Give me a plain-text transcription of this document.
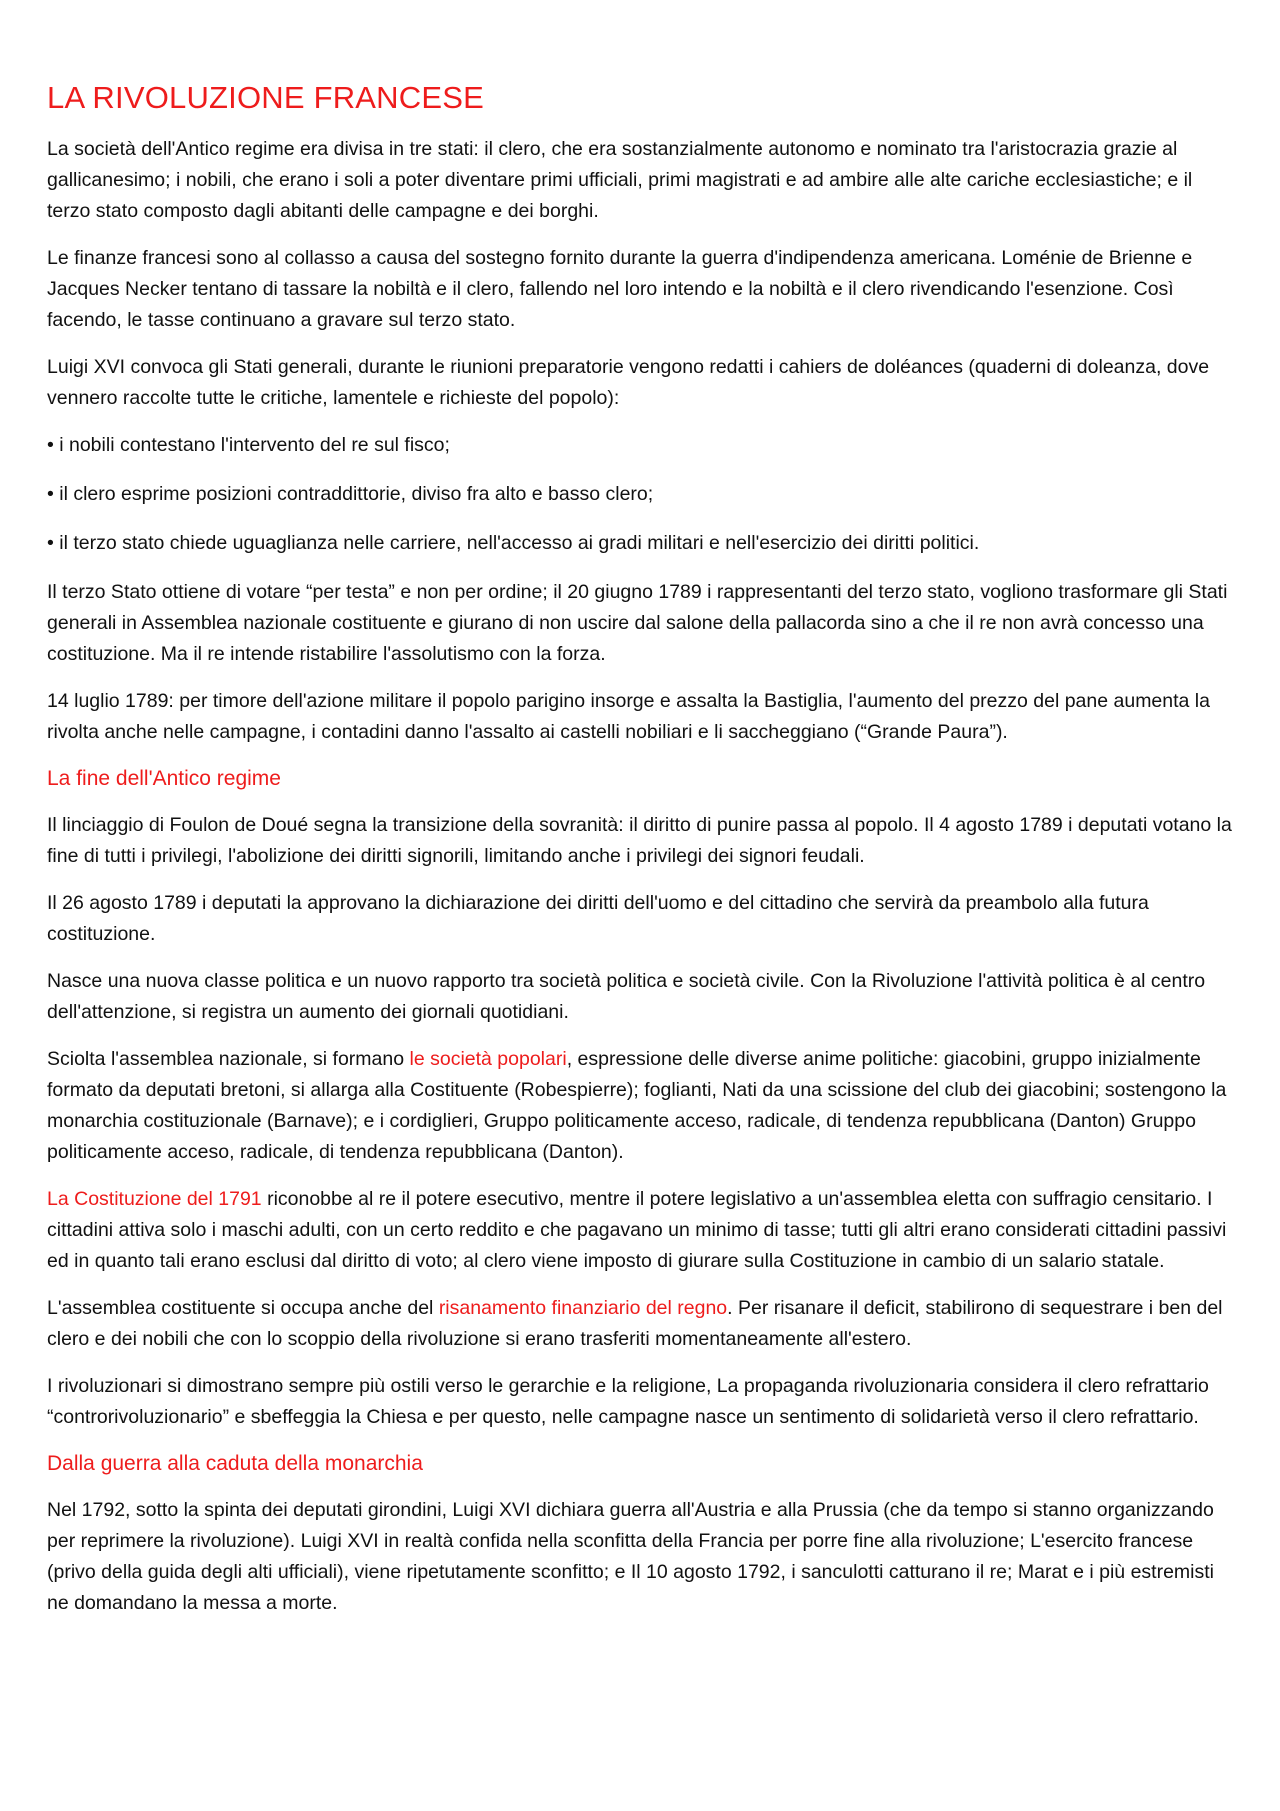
LA RIVOLUZIONE FRANCESE

La società dell'Antico regime era divisa in tre stati: il clero, che era sostanzialmente autonomo e nominato tra l'aristocrazia grazie al gallicanesimo; i nobili, che erano i soli a poter diventare primi ufficiali, primi magistrati e ad ambire alle alte cariche ecclesiastiche; e il terzo stato composto dagli abitanti delle campagne e dei borghi.

Le finanze francesi sono al collasso a causa del sostegno fornito durante la guerra d'indipendenza americana. Loménie de Brienne e Jacques Necker tentano di tassare la nobiltà e il clero, fallendo nel loro intendo e la nobiltà e il clero rivendicando l'esenzione. Così facendo, le tasse continuano a gravare sul terzo stato.

Luigi XVI convoca gli Stati generali, durante le riunioni preparatorie vengono redatti i cahiers de doléances (quaderni di doleanza, dove vennero raccolte tutte le critiche, lamentele e richieste del popolo):

• i nobili contestano l'intervento del re sul fisco;

• il clero esprime posizioni contraddittorie, diviso fra alto e basso clero;

• il terzo stato chiede uguaglianza nelle carriere, nell'accesso ai gradi militari e nell'esercizio dei diritti politici.

Il terzo Stato ottiene di votare “per testa” e non per ordine; il 20 giugno 1789 i rappresentanti del terzo stato, vogliono trasformare gli Stati generali in Assemblea nazionale costituente e giurano di non uscire dal salone della pallacorda sino a che il re non avrà concesso una costituzione. Ma il re intende ristabilire l'assolutismo con la forza.

14 luglio 1789: per timore dell'azione militare il popolo parigino insorge e assalta la Bastiglia, l'aumento del prezzo del pane aumenta la rivolta anche nelle campagne, i contadini danno l'assalto ai castelli nobiliari e li saccheggiano (“Grande Paura”).

La fine dell'Antico regime

Il linciaggio di Foulon de Doué segna la transizione della sovranità: il diritto di punire passa al popolo. Il 4 agosto 1789 i deputati votano la fine di tutti i privilegi, l'abolizione dei diritti signorili, limitando anche i privilegi dei signori feudali.

Il 26 agosto 1789 i deputati la approvano la dichiarazione dei diritti dell'uomo e del cittadino che servirà da preambolo alla futura costituzione.

Nasce una nuova classe politica e un nuovo rapporto tra società politica e società civile. Con la Rivoluzione l'attività politica è al centro dell'attenzione, si registra un aumento dei giornali quotidiani.

Sciolta l'assemblea nazionale, si formano le società popolari, espressione delle diverse anime politiche: giacobini, gruppo inizialmente formato da deputati bretoni, si allarga alla Costituente (Robespierre); foglianti, Nati da una scissione del club dei giacobini; sostengono la monarchia costituzionale (Barnave); e i cordiglieri, Gruppo politicamente acceso, radicale, di tendenza repubblicana (Danton) Gruppo politicamente acceso, radicale, di tendenza repubblicana (Danton).

La Costituzione del 1791 riconobbe al re il potere esecutivo, mentre il potere legislativo a un'assemblea eletta con suffragio censitario. I cittadini attiva solo i maschi adulti, con un certo reddito e che pagavano un minimo di tasse; tutti gli altri erano considerati cittadini passivi ed in quanto tali erano esclusi dal diritto di voto; al clero viene imposto di giurare sulla Costituzione in cambio di un salario statale.

L'assemblea costituente si occupa anche del risanamento finanziario del regno. Per risanare il deficit, stabilirono di sequestrare i ben del clero e dei nobili che con lo scoppio della rivoluzione si erano trasferiti momentaneamente all'estero.

I rivoluzionari si dimostrano sempre più ostili verso le gerarchie e la religione, La propaganda rivoluzionaria considera il clero refrattario “controrivoluzionario” e sbeffeggia la Chiesa e per questo, nelle campagne nasce un sentimento di solidarietà verso il clero refrattario.

Dalla guerra alla caduta della monarchia

Nel 1792, sotto la spinta dei deputati girondini, Luigi XVI dichiara guerra all'Austria e alla Prussia (che da tempo si stanno organizzando per reprimere la rivoluzione). Luigi XVI in realtà confida nella sconfitta della Francia per porre fine alla rivoluzione; L'esercito francese (privo della guida degli alti ufficiali), viene ripetutamente sconfitto; e Il 10 agosto 1792, i sanculotti catturano il re; Marat e i più estremisti ne domandano la messa a morte.
